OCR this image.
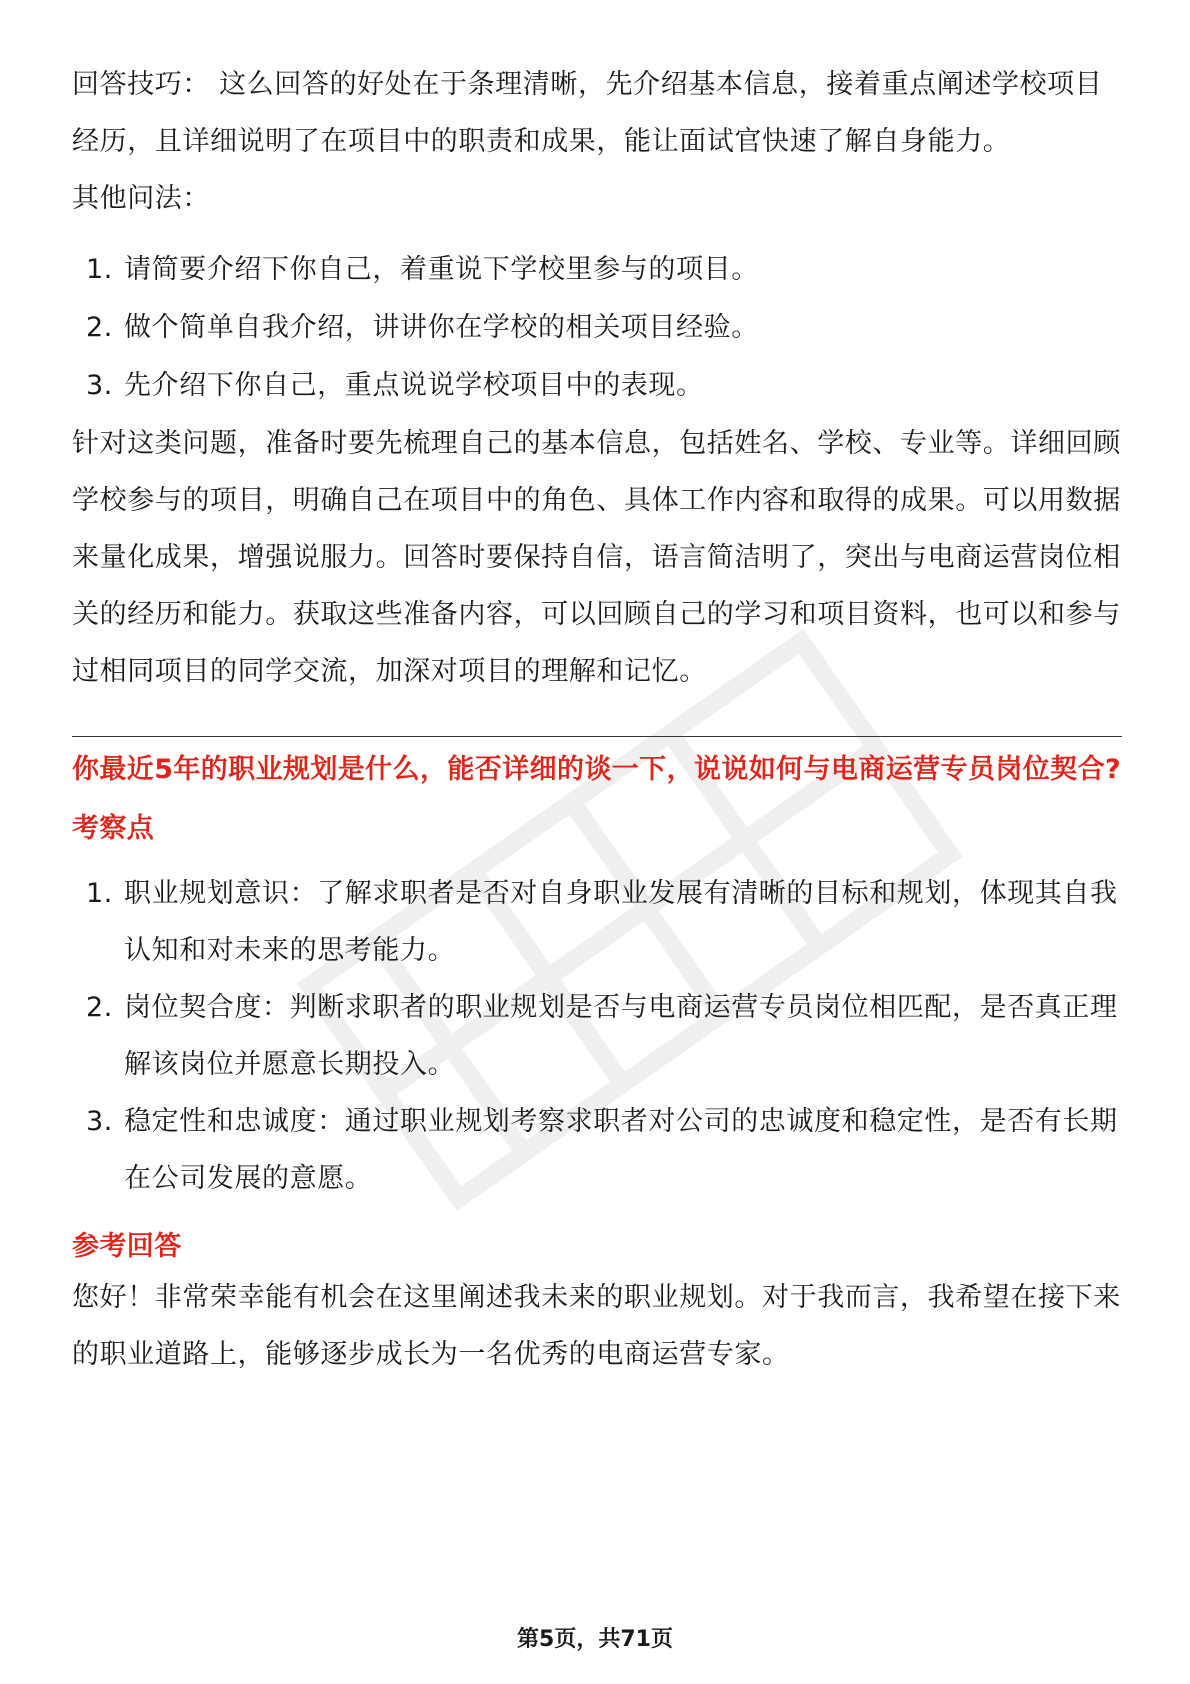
回答技巧： 这么回答的好处在于条理清晰，先介绍基本信息，接着重点阐述学校项目经历，且详细说明了在项目中的职责和成果，能让面试官快速了解自身能力。

其他问法：

1. 请简要介绍下你自己，着重说下学校里参与的项目。
2. 做个简单自我介绍，讲讲你在学校的相关项目经验。
3. 先介绍下你自己，重点说说学校项目中的表现。

针对这类问题，准备时要先梳理自己的基本信息，包括姓名、学校、专业等。详细回顾学校参与的项目，明确自己在项目中的角色、具体工作内容和取得的成果。可以用数据来量化成果，增强说服力。回答时要保持自信，语言简洁明了，突出与电商运营岗位相关的经历和能力。获取这些准备内容，可以回顾自己的学习和项目资料，也可以和参与过相同项目的同学交流，加深对项目的理解和记忆。

你最近5年的职业规划是什么，能否详细的谈一下，说说如何与电商运营专员岗位契合?

考察点

1. 职业规划意识：了解求职者是否对自身职业发展有清晰的目标和规划，体现其自我认知和对未来的思考能力。
2. 岗位契合度：判断求职者的职业规划是否与电商运营专员岗位相匹配，是否真正理解该岗位并愿意长期投入。
3. 稳定性和忠诚度：通过职业规划考察求职者对公司的忠诚度和稳定性，是否有长期在公司发展的意愿。

参考回答

您好！非常荣幸能有机会在这里阐述我未来的职业规划。对于我而言，我希望在接下来的职业道路上，能够逐步成长为一名优秀的电商运营专家。

第5页，共71页
